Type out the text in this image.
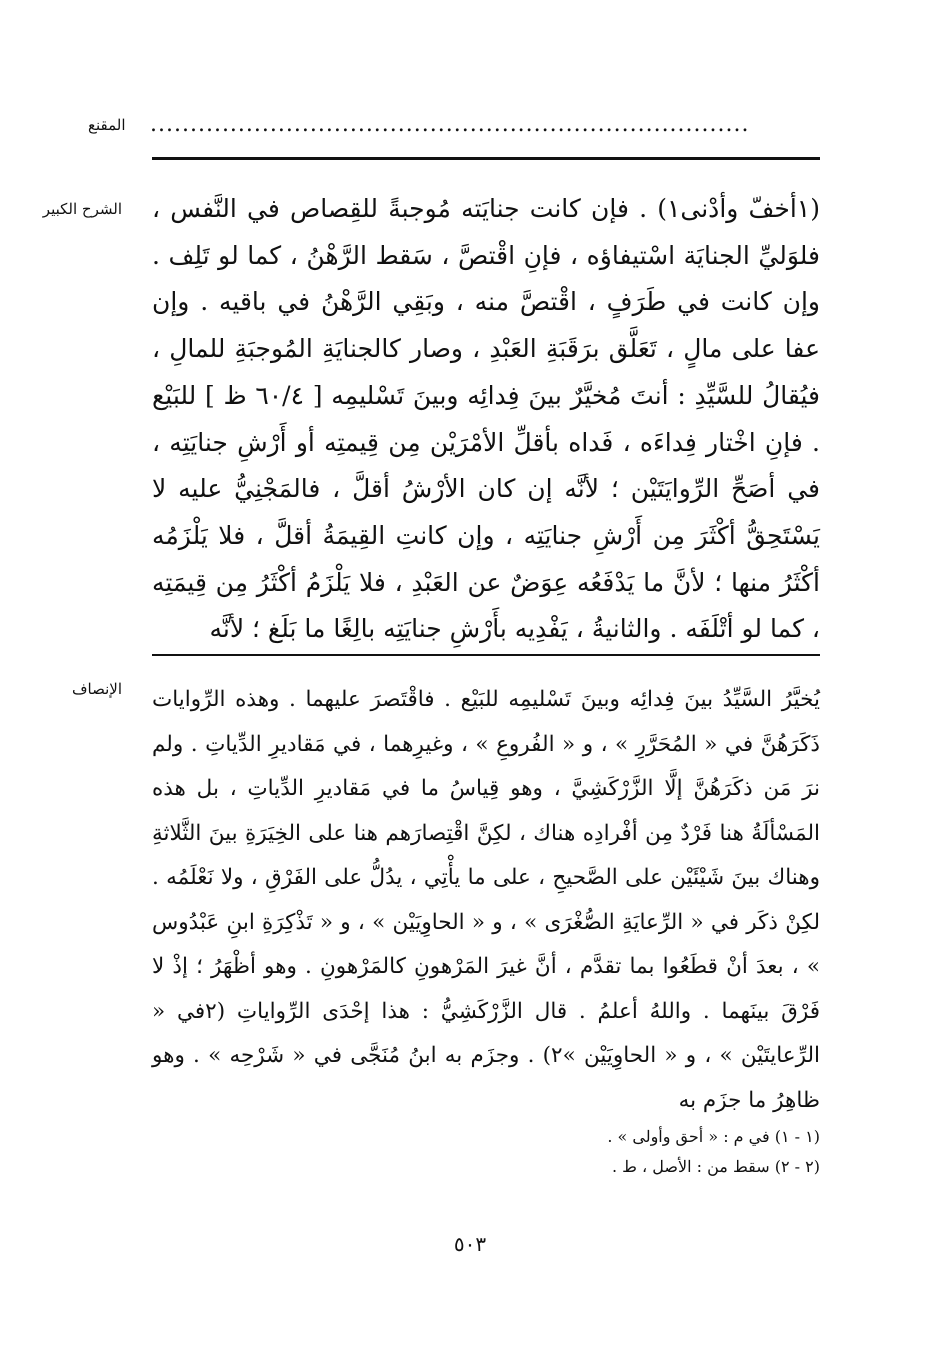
...........................................................................
المقنع
الشرح الكبير (١أخفّ وأدْنى١) . فإن كانت جنايَته مُوجبةً للقِصاص في النَّفس ، فلوَليِّ الجنايَة اسْتيفاؤه ، فإنِ اقْتصَّ ، سَقط الرَّهْنُ ، كما لو تَلِف . وإن كانت في طَرَفٍ ، اقْتصَّ منه ، وبَقِي الرَّهْنُ في باقيه . وإن عفا على مالٍ ، تَعَلَّق برَقَبَةِ العَبْدِ ، وصار كالجنايَةِ المُوجبَةِ للمالِ ، فيُقالُ للسَّيِّدِ : أنتَ مُخيَّرٌ بينَ فِدائِه وبينَ تَسْليمِه [ ٦٠/٤ ظ ] للبَيْع . فإنِ اخْتار فِداءَه ، فَداه بأقلِّ الأمْرَيْن مِن قِيمتِه أو أَرْشِ جنايَتِه ، في أصَحِّ الرِّوايَتَيْن ؛ لأنَّه إن كان الأرْشُ أقلَّ ، فالمَجْنِيُّ عليه لا يَسْتَحِقُّ أكْثَرَ مِن أَرْشِ جنايَتِه ، وإن كانتِ القِيمَةُ أقلَّ ، فلا يَلْزَمُه أكْثَرُ منها ؛ لأنَّ ما يَدْفَعُه عِوَضٌ عن العَبْدِ ، فلا يَلْزَمُ أكْثَرُ مِن قِيمَتِه ، كما لو أتْلَفَه . والثانيةُ ، يَفْدِيه بأَرْشِ جنايَتِه بالِغًا ما بَلَغ ؛ لأنَّه

الإنصاف يُخيَّرُ السَّيِّدُ بينَ فِدائِه وبينَ تَسْليمِه للبَيْع . فاقْتَصرَ عليهما . وهذه الرِّوايات ذَكَرَهُنَّ في « المُحَرَّرِ » ، و « الفُروعِ » ، وغيرِهما ، في مَقاديرِ الدِّياتِ . ولم نرَ مَن ذكَرَهُنَّ إلَّا الزَّرْكَشِيَّ ، وهو قِياسُ ما في مَقاديرِ الدِّياتِ ، بل هذه المَسْألَةُ هنا فَرْدٌ مِن أفْرادِه هناك ، لكِنَّ اقْتِصارَهم هنا على الخِيَرَةِ بينَ الثَّلاثةِ وهناك بينَ شَيْئَيْن على الصَّحيحِ ، على ما يأْتِي ، يدُلُّ على الفَرْقِ ، ولا نَعْلَمُه . لكِنْ ذكَر في « الرِّعايَةِ الصُّغْرَى » ، و « الحاوِيَيْن » ، و « تَذْكِرَةِ ابنِ عَبْدُوس » ، بعدَ أنْ قطَعُوا بما تقدَّم ، أنَّ غيرَ المَرْهونِ كالمَرْهونِ . وهو أظْهَرُ ؛ إذْ لا فَرْقَ بينَهما . واللهُ أعلمُ . قال الزَّرْكَشِيُّ : هذا إحْدَى الرِّواياتِ (٢في « الرِّعايتَيْن » ، و « الحاوِيَيْن »٢) . وجزَم به ابنُ مُنَجَّى في « شَرْحِه » . وهو ظاهِرُ ما جزَم به

(١ - ١) في م : « أحق وأولى » .
(٢ - ٢) سقط من : الأصل ، ط .
٥٠٣
